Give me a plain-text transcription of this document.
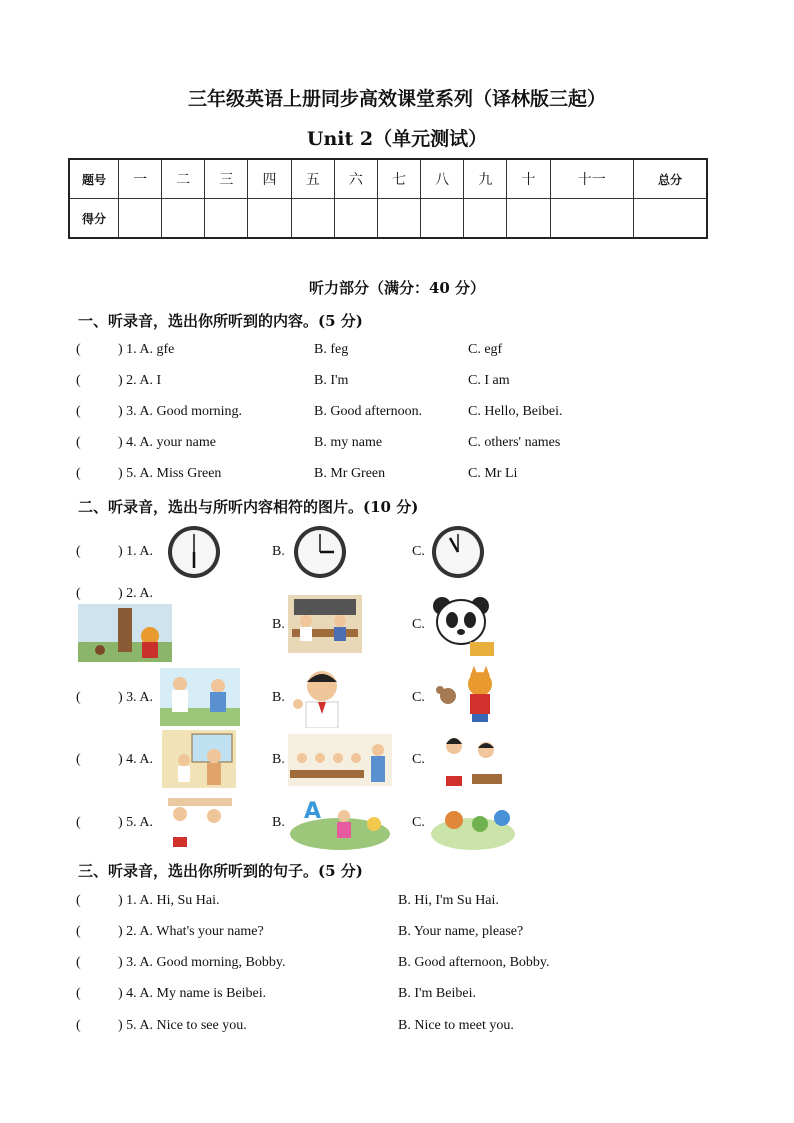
三年级英语上册同步高效课堂系列（译林版三起）
Unit 2（单元测试）
题号	一	二	三	四	五	六	七	八	九	十	十一	总分
得分												
听力部分（满分：40 分）
一、听录音，选出你所听到的内容。(5 分)
(	) 1. A. gfe	B. feg	C. egf
(	) 2. A. I	B. I'm	C. I am
(	) 3. A. Good morning.	B. Good afternoon.	C. Hello, Beibei.
(	) 4. A. your name	B. my name	C. others' names
(	) 5. A. Miss Green	B. Mr Green	C. Mr Li
二、听录音，选出与所听内容相符的图片。(10 分)
(	) 1. A.	B.	C.
(	) 2. A.
B.	C.
(	) 3. A.	B.	C.
(	) 4. A.	B.	C.
(	) 5. A.	B.	C.
A
三、听录音，选出你所听到的句子。(5 分)
(	) 1. A. Hi, Su Hai.	B. Hi, I'm Su Hai.
(	) 2. A. What's your name?	B. Your name, please?
(	) 3. A. Good morning, Bobby.	B. Good afternoon, Bobby.
(	) 4. A. My name is Beibei.	B. I'm Beibei.
(	) 5. A. Nice to see you.	B. Nice to meet you.
